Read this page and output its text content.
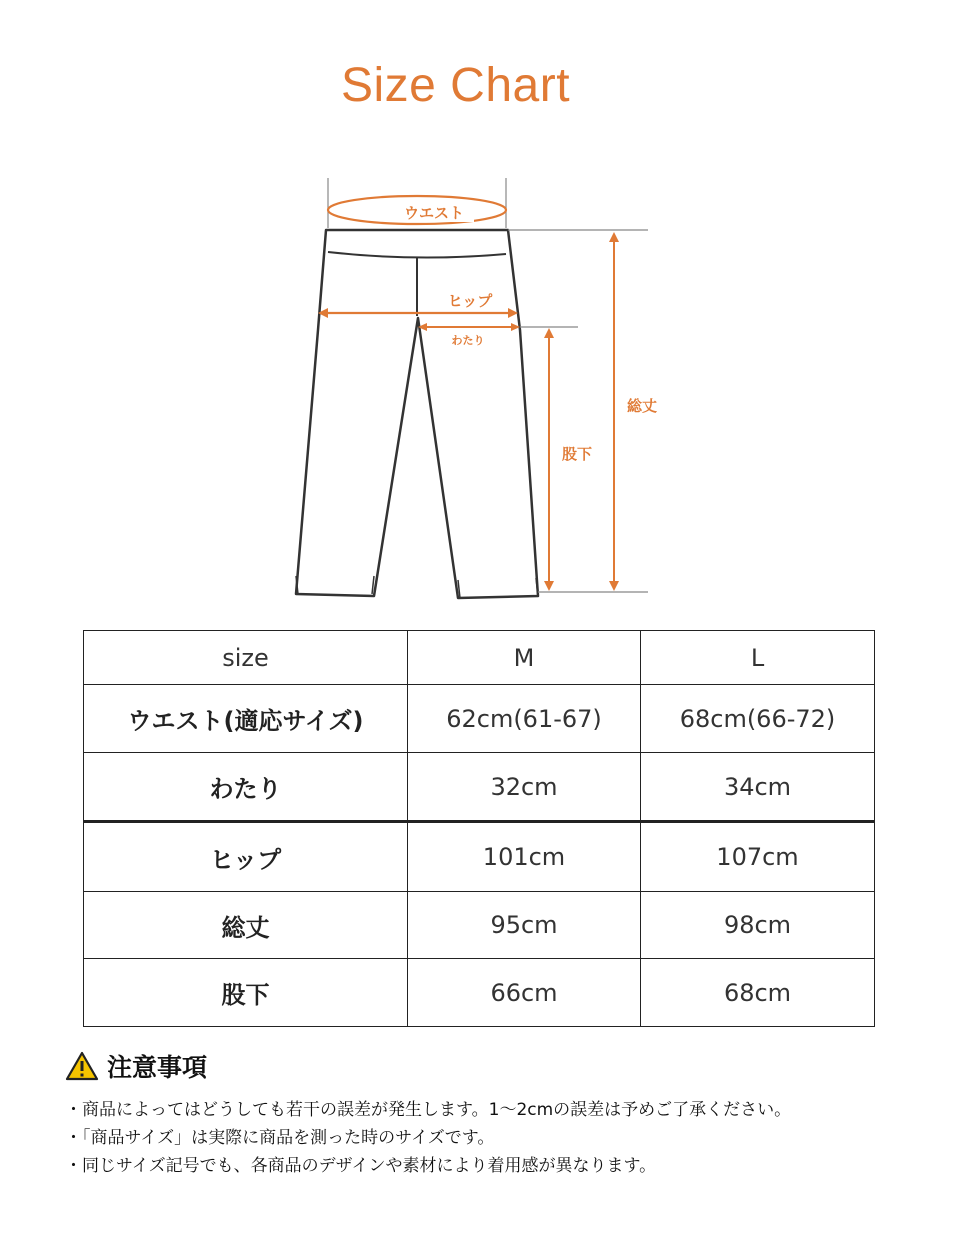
Size Chart
ウエスト
ヒップ
わたり
股下
総丈
size	M	L
ウエスト(適応サイズ)	62cm(61-67)	68cm(66-72)
わたり	32cm	34cm
ヒップ	101cm	107cm
総丈	95cm	98cm
股下	66cm	68cm
注意事項
・商品によってはどうしても若干の誤差が発生します。1〜2cmの誤差は予めご了承ください。
・「商品サイズ」は実際に商品を測った時のサイズです。
・同じサイズ記号でも、各商品のデザインや素材により着用感が異なります。
